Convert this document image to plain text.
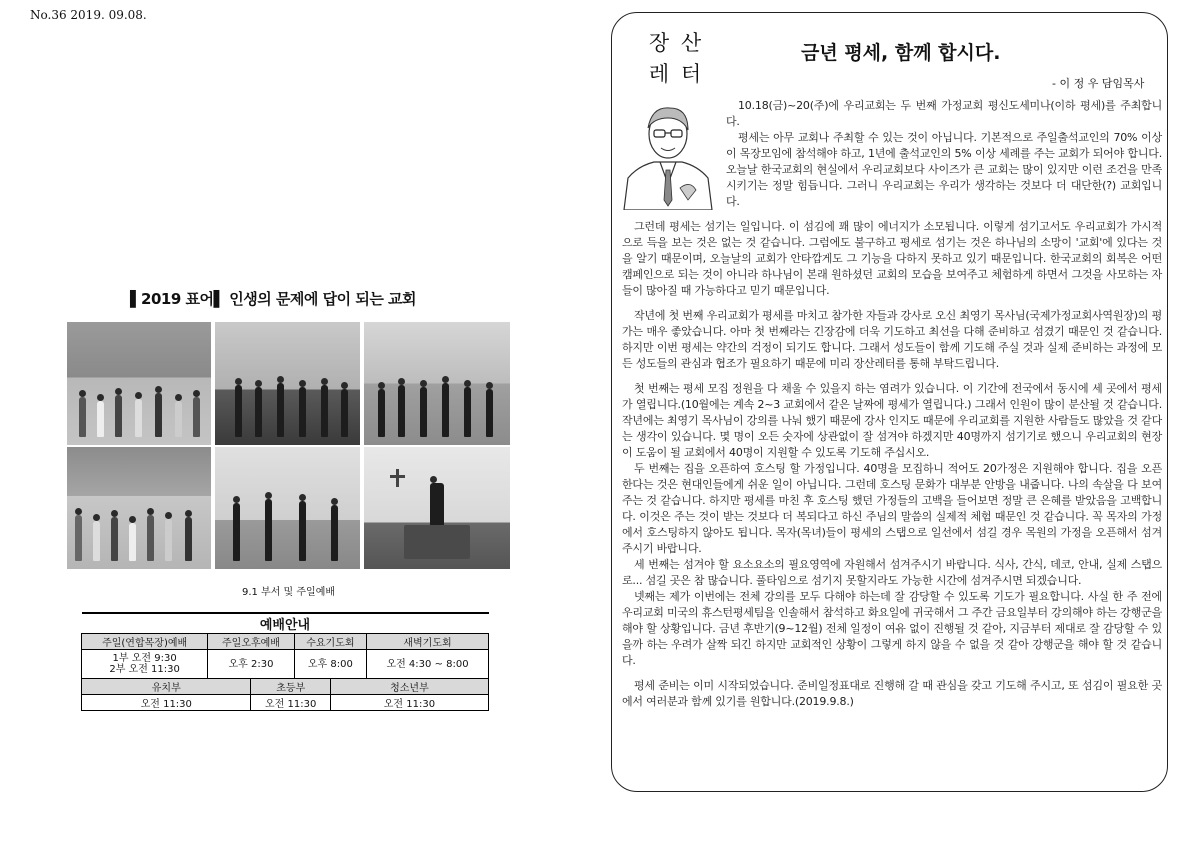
No.36 2019. 09.08.
▌2019 표어▌ 인생의 문제에 답이 되는 교회
9.1 부서 및 주일예배
예배안내					
주일(연합목장)예배	주일오후예배		수요기도회		새벽기도회
1부 오전 9:30
2부 오전 11:30	오후 2:30		오후 8:00		오전 4:30 ~ 8:00
유치부		초등부		청소년부	
오전 11:30		오전 11:30		오전 11:30	
장 산
레 터
금년 평세, 함께 합시다.
- 이 정 우 담임목사

10.18(금)~20(주)에 우리교회는 두 번째 가정교회 평신도세미나(이하 평세)를 주최합니다.

평세는 아무 교회나 주최할 수 있는 것이 아닙니다. 기본적으로 주일출석교인의 70% 이상이 목장모임에 참석해야 하고, 1년에 출석교인의 5% 이상 세례를 주는 교회가 되어야 합니다. 오늘날 한국교회의 현실에서 우리교회보다 사이즈가 큰 교회는 많이 있지만 이런 조건을 만족시키기는 정말 힘듭니다. 그러니 우리교회는 우리가 생각하는 것보다 더 대단한(?) 교회입니다.

그런데 평세는 섬기는 일입니다. 이 섬김에 꽤 많이 에너지가 소모됩니다. 이렇게 섬기고서도 우리교회가 가시적으로 득을 보는 것은 없는 것 같습니다. 그럼에도 불구하고 평세로 섬기는 것은 하나님의 소망이 '교회'에 있다는 것을 알기 때문이며, 오늘날의 교회가 안타깝게도 그 기능을 다하지 못하고 있기 때문입니다. 한국교회의 회복은 어떤 캠페인으로 되는 것이 아니라 하나님이 본래 원하셨던 교회의 모습을 보여주고 체험하게 하면서 그것을 사모하는 자들이 많아질 때 가능하다고 믿기 때문입니다.

작년에 첫 번째 우리교회가 평세를 마치고 참가한 자들과 강사로 오신 최영기 목사님(국제가정교회사역원장)의 평가는 매우 좋았습니다. 아마 첫 번째라는 긴장감에 더욱 기도하고 최선을 다해 준비하고 섬겼기 때문인 것 같습니다. 하지만 이번 평세는 약간의 걱정이 되기도 합니다. 그래서 성도들이 함께 기도해 주실 것과 실제 준비하는 과정에 모든 성도들의 관심과 협조가 필요하기 때문에 미리 장산레터를 통해 부탁드립니다.

첫 번째는 평세 모집 정원을 다 채울 수 있을지 하는 염려가 있습니다. 이 기간에 전국에서 동시에 세 곳에서 평세가 열립니다.(10월에는 계속 2~3 교회에서 같은 날짜에 평세가 열립니다.) 그래서 인원이 많이 분산될 것 같습니다. 작년에는 최영기 목사님이 강의를 나눠 했기 때문에 강사 인지도 때문에 우리교회를 지원한 사람들도 많았을 것 같다는 생각이 있습니다. 몇 명이 오든 숫자에 상관없이 잘 섬겨야 하겠지만 40명까지 섬기기로 했으니 우리교회의 현장이 도움이 될 교회에서 40명이 지원할 수 있도록 기도해 주십시오.

두 번째는 집을 오픈하여 호스팅 할 가정입니다. 40명을 모집하니 적어도 20가정은 지원해야 합니다. 집을 오픈한다는 것은 현대인들에게 쉬운 일이 아닙니다. 그런데 호스팅 문화가 대부분 안방을 내줍니다. 나의 속살을 다 보여주는 것 같습니다. 하지만 평세를 마친 후 호스팅 했던 가정들의 고백을 들어보면 정말 큰 은혜를 받았음을 고백합니다. 이것은 주는 것이 받는 것보다 더 복되다고 하신 주님의 말씀의 실제적 체험 때문인 것 같습니다. 꼭 목자의 가정에서 호스팅하지 않아도 됩니다. 목자(목녀)들이 평세의 스탭으로 일선에서 섬길 경우 목원의 가정을 오픈해서 섬겨주시기 바랍니다.

세 번째는 섬겨야 할 요소요소의 필요영역에 자원해서 섬겨주시기 바랍니다. 식사, 간식, 데코, 안내, 실제 스탭으로... 섬길 곳은 참 많습니다. 풀타임으로 섬기지 못할지라도 가능한 시간에 섬겨주시면 되겠습니다.

넷째는 제가 이번에는 전체 강의를 모두 다해야 하는데 잘 감당할 수 있도록 기도가 필요합니다. 사실 한 주 전에 우리교회 미국의 휴스턴평세팀을 인솔해서 참석하고 화요일에 귀국해서 그 주간 금요일부터 강의해야 하는 강행군을 해야 할 상황입니다. 금년 후반기(9~12월) 전체 일정이 여유 없이 진행될 것 같아, 지금부터 제대로 잘 감당할 수 있을까 하는 우려가 살짝 되긴 하지만 교회적인 상황이 그렇게 하지 않을 수 없을 것 같아 강행군을 해야 할 것 같습니다.

평세 준비는 이미 시작되었습니다. 준비일정표대로 진행해 갈 때 관심을 갖고 기도해 주시고, 또 섬김이 필요한 곳에서 여러분과 함께 있기를 원합니다.(2019.9.8.)
